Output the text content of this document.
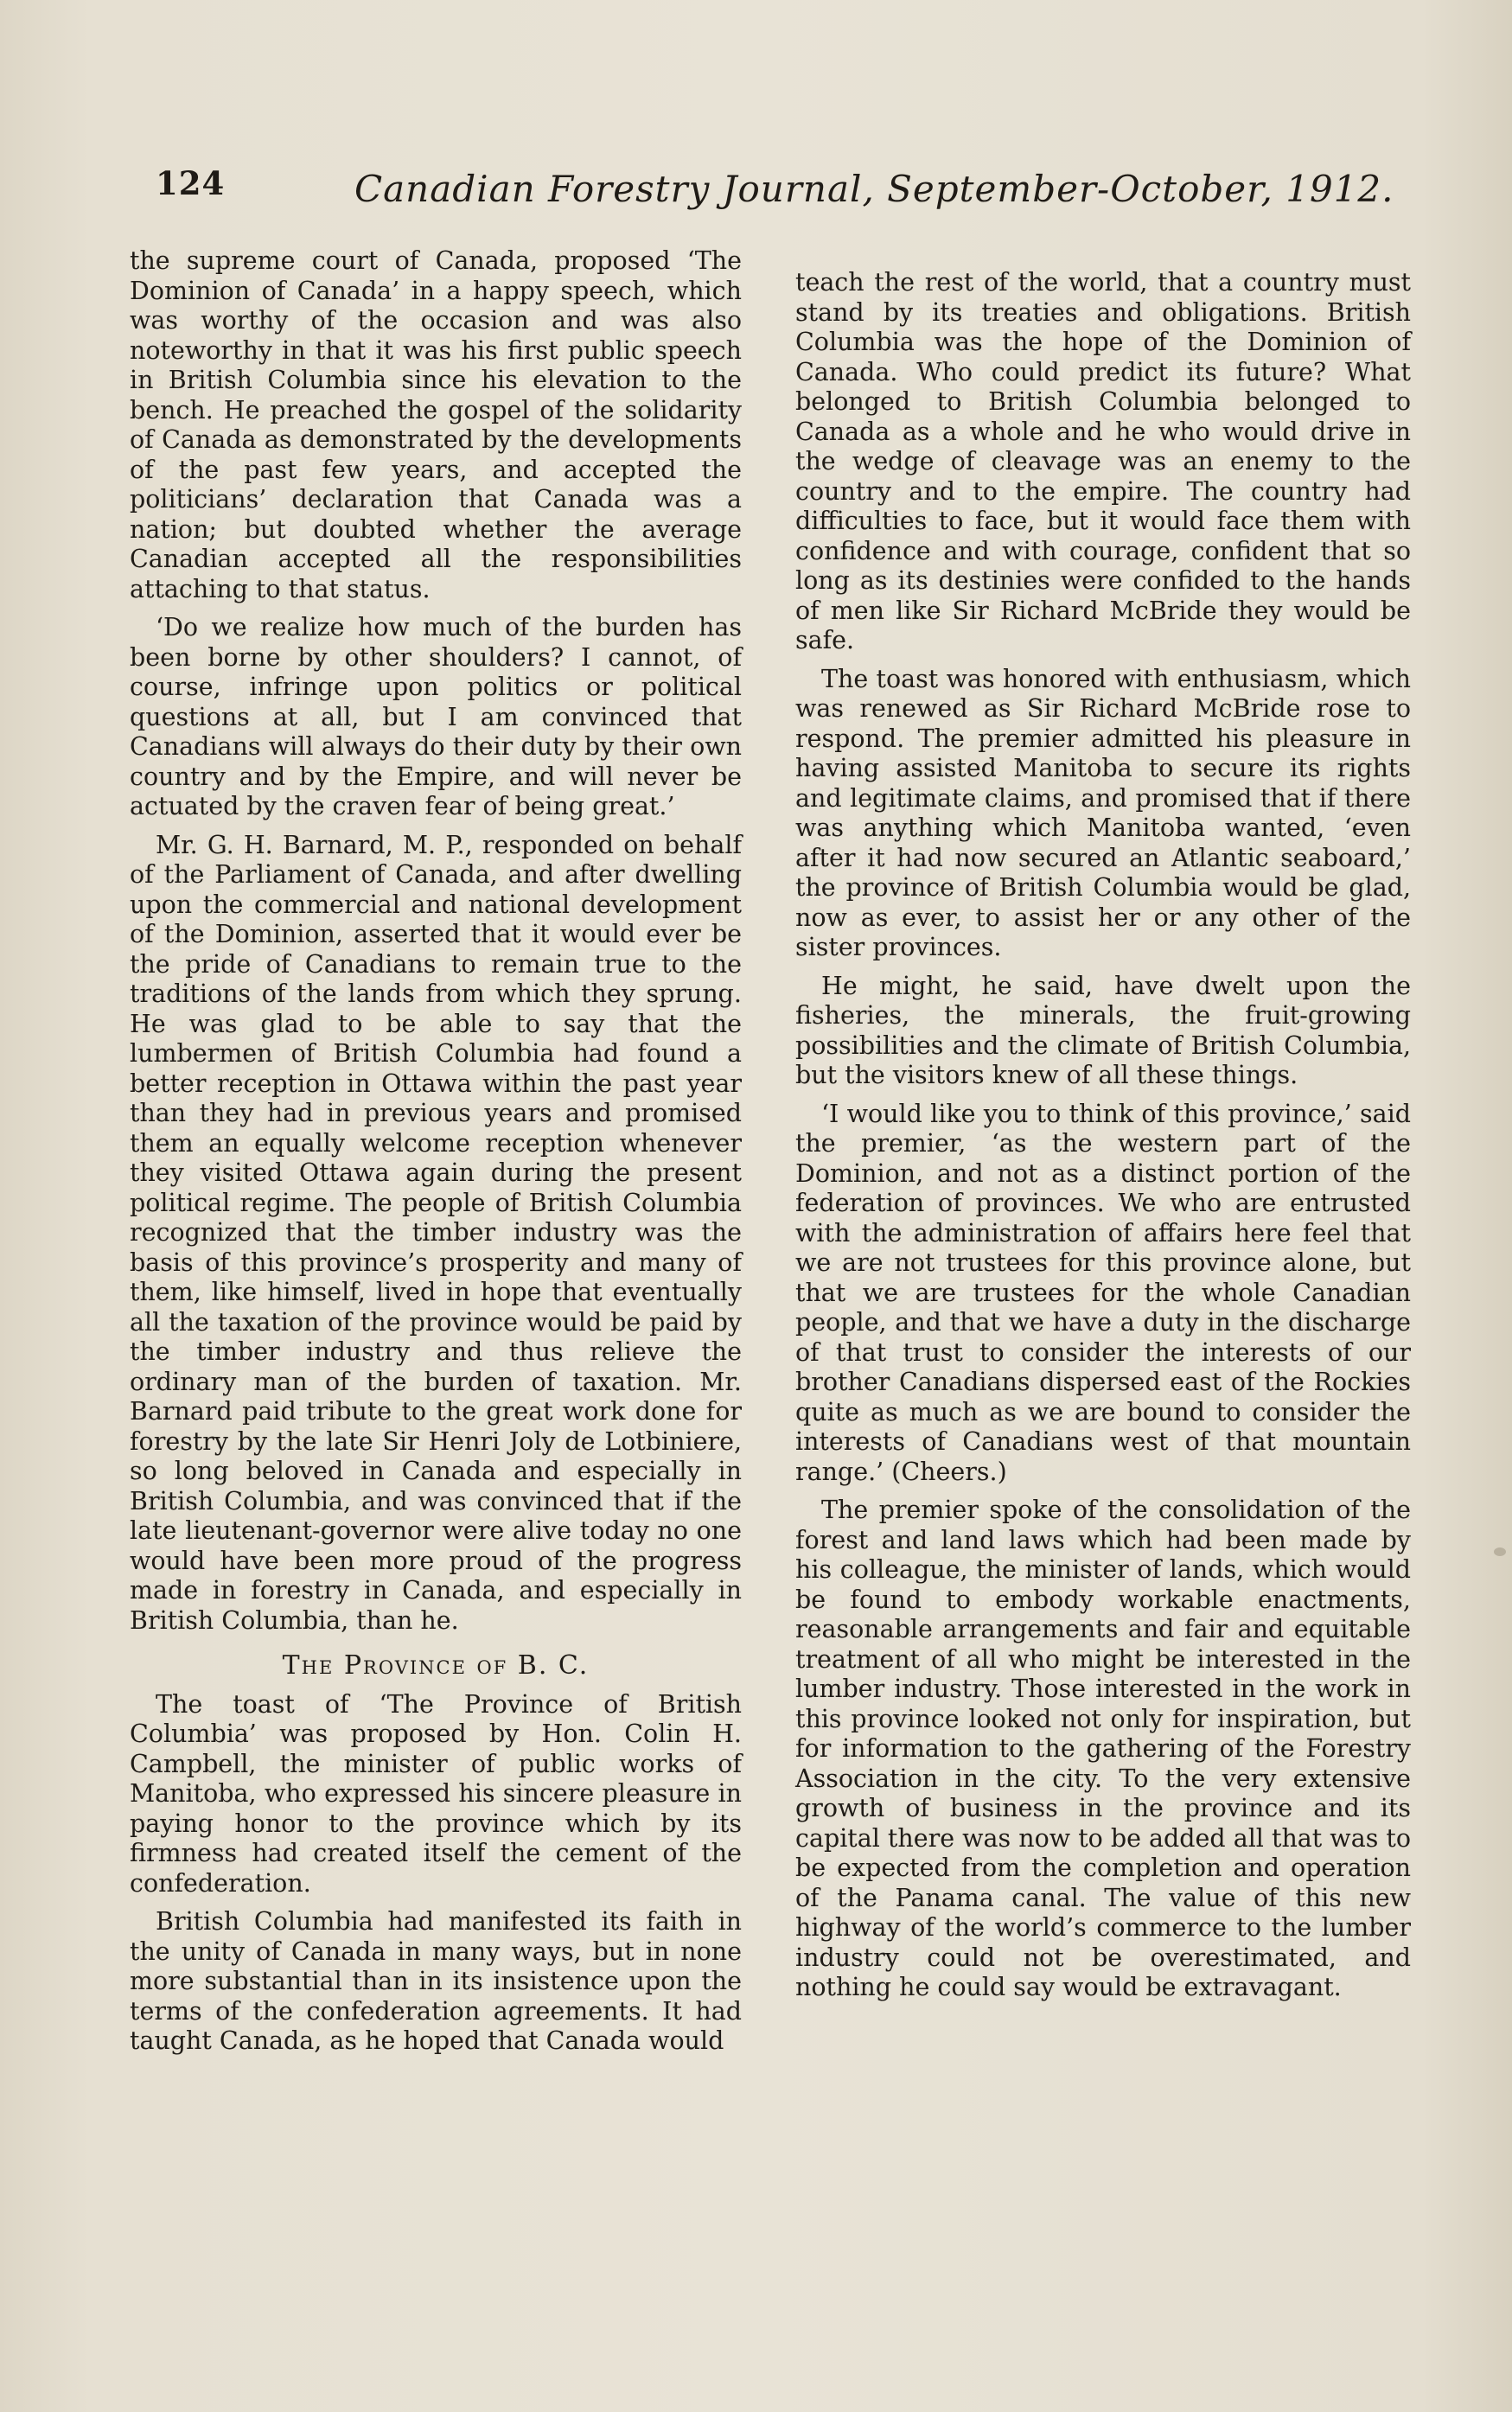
124	Canadian Forestry Journal, September-October, 1912.

the supreme court of Canada, proposed ‘The Dominion of Canada’ in a happy speech, which was worthy of the occasion and was also noteworthy in that it was his first public speech in British Columbia since his elevation to the bench. He preached the gospel of the solidarity of Canada as demonstrated by the developments of the past few years, and accepted the politicians’ declaration that Canada was a nation; but doubted whether the average Canadian accepted all the responsibilities attaching to that status.

‘Do we realize how much of the burden has been borne by other shoulders? I cannot, of course, infringe upon politics or political questions at all, but I am convinced that Canadians will always do their duty by their own country and by the Empire, and will never be actuated by the craven fear of being great.’

Mr. G. H. Barnard, M. P., responded on behalf of the Parliament of Canada, and after dwelling upon the commercial and national development of the Dominion, asserted that it would ever be the pride of Canadians to remain true to the traditions of the lands from which they sprung. He was glad to be able to say that the lumbermen of British Columbia had found a better reception in Ottawa within the past year than they had in previous years and promised them an equally welcome reception whenever they visited Ottawa again during the present political regime. The people of British Columbia recognized that the timber industry was the basis of this province’s prosperity and many of them, like himself, lived in hope that eventually all the taxation of the province would be paid by the timber industry and thus relieve the ordinary man of the burden of taxation. Mr. Barnard paid tribute to the great work done for forestry by the late Sir Henri Joly de Lotbiniere, so long beloved in Canada and especially in British Columbia, and was convinced that if the late lieutenant-governor were alive today no one would have been more proud of the progress made in forestry in Canada, and especially in British Columbia, than he.

The Province of B. C.

The toast of ‘The Province of British Columbia’ was proposed by Hon. Colin H. Campbell, the minister of public works of Manitoba, who expressed his sincere pleasure in paying honor to the province which by its firmness had created itself the cement of the confederation.

British Columbia had manifested its faith in the unity of Canada in many ways, but in none more substantial than in its insistence upon the terms of the confederation agreements. It had taught Canada, as he hoped that Canada would

teach the rest of the world, that a country must stand by its treaties and obligations. British Columbia was the hope of the Dominion of Canada. Who could predict its future? What belonged to British Columbia belonged to Canada as a whole and he who would drive in the wedge of cleavage was an enemy to the country and to the empire. The country had difficulties to face, but it would face them with confidence and with courage, confident that so long as its destinies were confided to the hands of men like Sir Richard McBride they would be safe.

The toast was honored with enthusiasm, which was renewed as Sir Richard McBride rose to respond. The premier admitted his pleasure in having assisted Manitoba to secure its rights and legitimate claims, and promised that if there was anything which Manitoba wanted, ‘even after it had now secured an Atlantic seaboard,’ the province of British Columbia would be glad, now as ever, to assist her or any other of the sister provinces.

He might, he said, have dwelt upon the fisheries, the minerals, the fruit-growing possibilities and the climate of British Columbia, but the visitors knew of all these things.

‘I would like you to think of this province,’ said the premier, ‘as the western part of the Dominion, and not as a distinct portion of the federation of provinces. We who are entrusted with the administration of affairs here feel that we are not trustees for this province alone, but that we are trustees for the whole Canadian people, and that we have a duty in the discharge of that trust to consider the interests of our brother Canadians dispersed east of the Rockies quite as much as we are bound to consider the interests of Canadians west of that mountain range.’ (Cheers.)

The premier spoke of the consolidation of the forest and land laws which had been made by his colleague, the minister of lands, which would be found to embody workable enactments, reasonable arrangements and fair and equitable treatment of all who might be interested in the lumber industry. Those interested in the work in this province looked not only for inspiration, but for information to the gathering of the Forestry Association in the city. To the very extensive growth of business in the province and its capital there was now to be added all that was to be expected from the completion and operation of the Panama canal. The value of this new highway of the world’s commerce to the lumber industry could not be overestimated, and nothing he could say would be extravagant.
